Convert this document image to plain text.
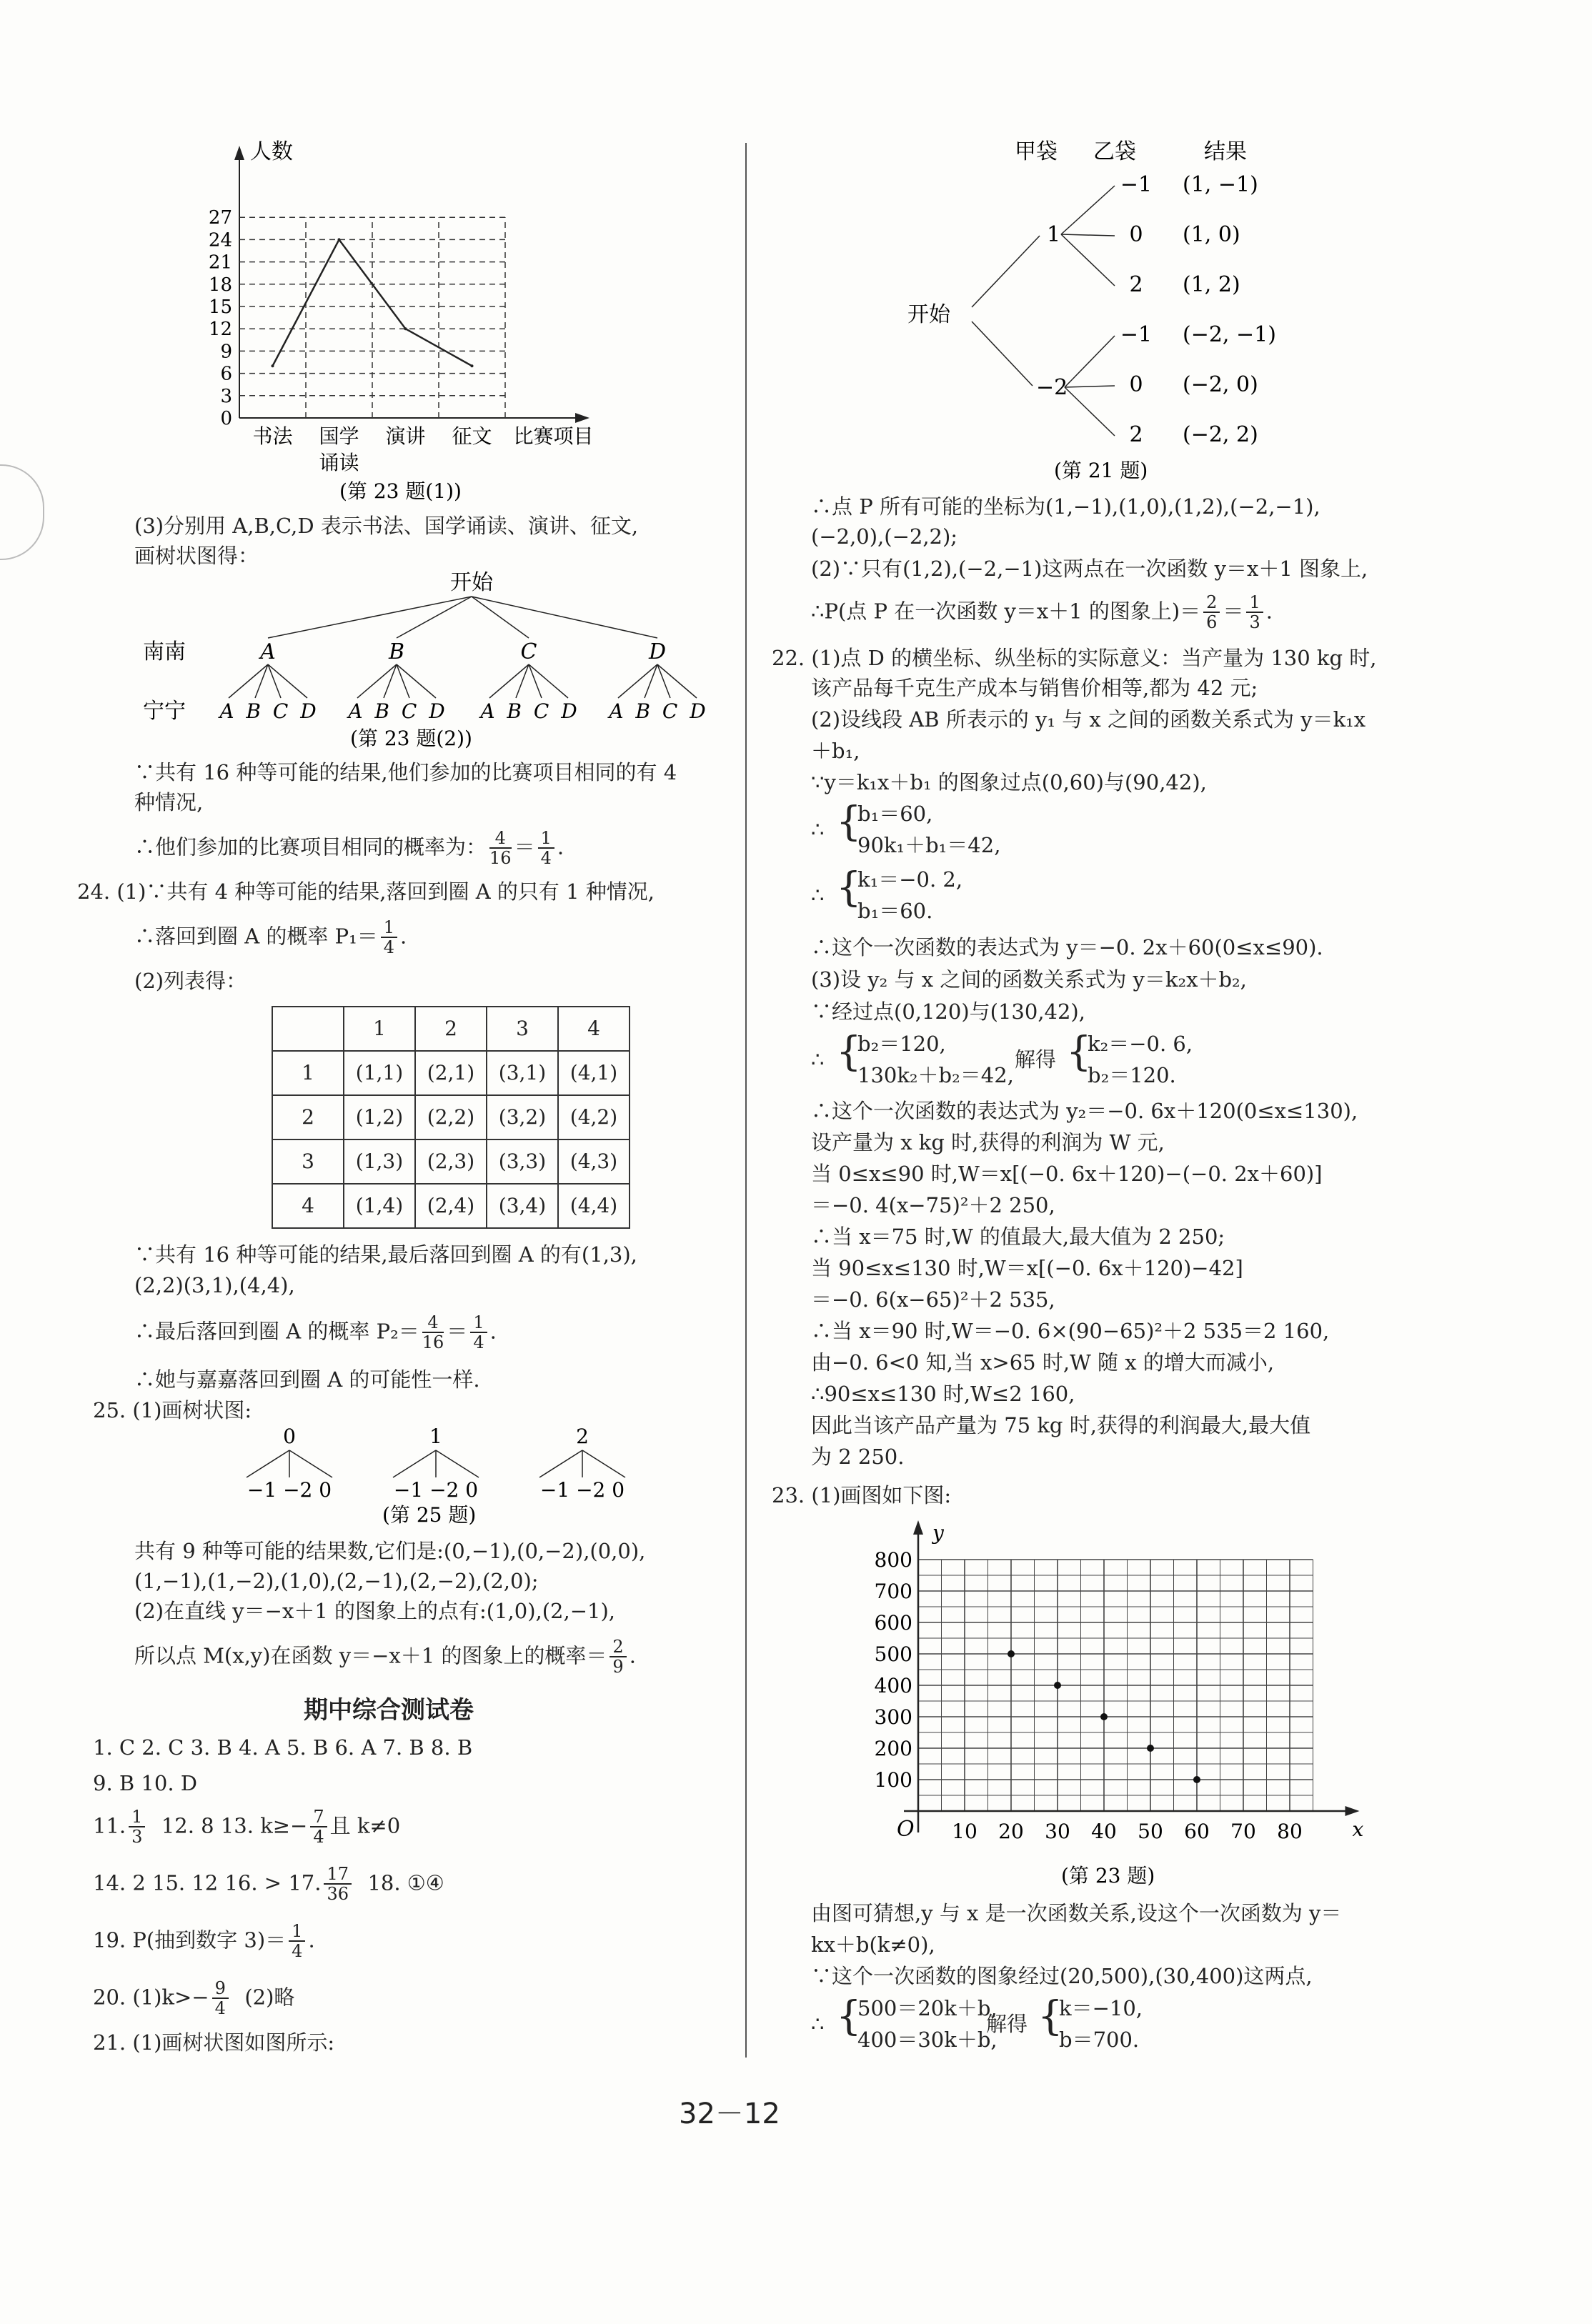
人数
0
3
6
9
12
15
18
21
24
27
书法 国学
诵读
演讲 征文 比赛项目
(第 23 题(1))
(3)分别用 A,B,C,D 表示书法、国学诵读、演讲、征文,
画树状图得：
开始
南南
宁宁
A
A B C D
B
A B C D
C
A B C D
D
A B C D
(第 23 题(2))
∵共有 16 种等可能的结果,他们参加的比赛项目相同的有 4
种情况,
∴他们参加的比赛项目相同的概率为： $\frac{4}{16} = \frac{1}{4}$ .
24. (1)∵共有 4 种等可能的结果,落回到圈 A 的只有 1 种情况,
∴落回到圈 A 的概率 $P_1= \frac{1}{4}$ .
(2)列表得：
	1	2	3	4
1	(1,1)	(2,1)	(3,1)	(4,1)
2	(1,2)	(2,2)	(3,2)	(4,2)
3	(1,3)	(2,3)	(3,3)	(4,3)
4	(1,4)	(2,4)	(3,4)	(4,4)
∵共有 16 种等可能的结果,最后落回到圈 A 的有(1,3),
(2,2)(3,1),(4,4),
∴最后落回到圈 A 的概率 $P_2= \frac{4}{16} = \frac{1}{4}$ .
∴她与嘉嘉落回到圈 A 的可能性一样.
25. (1)画树状图:
0
−1 −2 0
1
−1 −2 0
2
−1 −2 0
(第 25 题)
共有 9 种等可能的结果数,它们是:(0,−1),(0,−2),(0,0),
(1,−1),(1,−2),(1,0),(2,−1),(2,−2),(2,0);
(2)在直线 y＝−x＋1 的图象上的点有:(1,0),(2,−1),
所以点 M(x,y)在函数 y＝−x＋1 的图象上的概率＝ $\frac{2}{9}$ .
期中综合测试卷
1. C 2. C 3. B 4. A 5. B 6. A 7. B 8. B
9. B 10. D
11. $\frac{1}{3} 12$. 8 13. $k\ge- \frac{7}{4}$ 且 k≠0
14. 2 15. 12 16. > 17. $\frac{17}{36} 18$. ①④
19. P(抽到数字 $3)= \frac{1}{4}$ .
20. $(1)k>- \frac{9}{4} (2)$略
21. (1)画树状图如图所示:
甲袋 乙袋	结果
开始
1
−2
−1 (1, −1)
0 (1, 0)
2 (1, 2)
−1 (−2, −1)
0 (−2, 0)
2 (−2, 2)
(第 21 题)
∴点 P 所有可能的坐标为(1,−1),(1,0),(1,2),(−2,−1),
(−2,0),(−2,2);
(2)∵只有(1,2),(−2,−1)这两点在一次函数 y＝x＋1 图象上,
∴P(点 P 在一次函数 y＝x＋1 的图象上)＝ $\frac{2}{6} = \frac{1}{3}$ .
22. (1)点 D 的横坐标、纵坐标的实际意义：当产量为 130 kg 时,
该产品每千克生产成本与销售价相等,都为 42 元;
(2)设线段 AB 所表示的 y₁ 与 x 之间的函数关系式为 y＝k₁x
＋b₁,
∵y＝k₁x＋b₁ 的图象过点(0,60)与(90,42),
∴ {
b₁＝60,
90k₁＋b₁＝42,
∴ {
k₁＝−0. 2,
b₁＝60.
∴这个一次函数的表达式为 y＝−0. 2x＋60(0≤x≤90).
(3)设 y₂ 与 x 之间的函数关系式为 y＝k₂x＋b₂,
∵经过点(0,120)与(130,42),
∴ {
b₂＝120,
130k₂＋b₂＝42,
解得 {
k₂＝−0. 6,
b₂＝120.
∴这个一次函数的表达式为 y₂＝−0. 6x＋120(0≤x≤130),
设产量为 x kg 时,获得的利润为 W 元,
当 0≤x≤90 时,W＝x[(−0. 6x＋120)−(−0. 2x＋60)]
＝−0. 4(x−75)²＋2 250,
∴当 x＝75 时,W 的值最大,最大值为 2 250;
当 90≤x≤130 时,W＝x[(−0. 6x＋120)−42]
＝−0. 6(x−65)²＋2 535,
∴当 x＝90 时,W＝−0. 6×(90−65)²＋2 535＝2 160,
由−0. 6<0 知,当 x>65 时,W 随 x 的增大而减小,
∴90≤x≤130 时,W≤2 160,
因此当该产品产量为 75 kg 时,获得的利润最大,最大值
为 2 250.
23. (1)画图如下图:
y
x
O
800
700
600
500
400
300
200
100
10 20 30 40 50 60 70 80
(第 23 题)
由图可猜想,y 与 x 是一次函数关系,设这个一次函数为 y＝
kx＋b(k≠0),
∵这个一次函数的图象经过(20,500),(30,400)这两点,
∴ {
500＝20k＋b,
400＝30k＋b,
解得 {
k＝−10,
b＝700.
32－12
